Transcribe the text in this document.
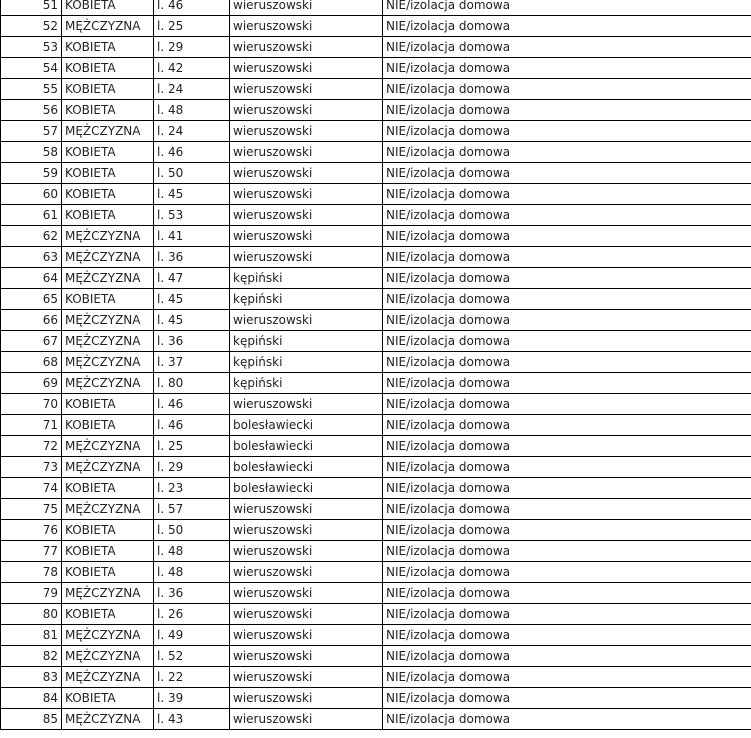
51	KOBIETA	l. 46	wieruszowski	NIE/izolacja domowa
52	MĘŻCZYZNA	l. 25	wieruszowski	NIE/izolacja domowa
53	KOBIETA	l. 29	wieruszowski	NIE/izolacja domowa
54	KOBIETA	l. 42	wieruszowski	NIE/izolacja domowa
55	KOBIETA	l. 24	wieruszowski	NIE/izolacja domowa
56	KOBIETA	l. 48	wieruszowski	NIE/izolacja domowa
57	MĘŻCZYZNA	l. 24	wieruszowski	NIE/izolacja domowa
58	KOBIETA	l. 46	wieruszowski	NIE/izolacja domowa
59	KOBIETA	l. 50	wieruszowski	NIE/izolacja domowa
60	KOBIETA	l. 45	wieruszowski	NIE/izolacja domowa
61	KOBIETA	l. 53	wieruszowski	NIE/izolacja domowa
62	MĘŻCZYZNA	l. 41	wieruszowski	NIE/izolacja domowa
63	MĘŻCZYZNA	l. 36	wieruszowski	NIE/izolacja domowa
64	MĘŻCZYZNA	l. 47	kępiński	NIE/izolacja domowa
65	KOBIETA	l. 45	kępiński	NIE/izolacja domowa
66	MĘŻCZYZNA	l. 45	wieruszowski	NIE/izolacja domowa
67	MĘŻCZYZNA	l. 36	kępiński	NIE/izolacja domowa
68	MĘŻCZYZNA	l. 37	kępiński	NIE/izolacja domowa
69	MĘŻCZYZNA	l. 80	kępiński	NIE/izolacja domowa
70	KOBIETA	l. 46	wieruszowski	NIE/izolacja domowa
71	KOBIETA	l. 46	bolesławiecki	NIE/izolacja domowa
72	MĘŻCZYZNA	l. 25	bolesławiecki	NIE/izolacja domowa
73	MĘŻCZYZNA	l. 29	bolesławiecki	NIE/izolacja domowa
74	KOBIETA	l. 23	bolesławiecki	NIE/izolacja domowa
75	MĘŻCZYZNA	l. 57	wieruszowski	NIE/izolacja domowa
76	KOBIETA	l. 50	wieruszowski	NIE/izolacja domowa
77	KOBIETA	l. 48	wieruszowski	NIE/izolacja domowa
78	KOBIETA	l. 48	wieruszowski	NIE/izolacja domowa
79	MĘŻCZYZNA	l. 36	wieruszowski	NIE/izolacja domowa
80	KOBIETA	l. 26	wieruszowski	NIE/izolacja domowa
81	MĘŻCZYZNA	l. 49	wieruszowski	NIE/izolacja domowa
82	MĘŻCZYZNA	l. 52	wieruszowski	NIE/izolacja domowa
83	MĘŻCZYZNA	l. 22	wieruszowski	NIE/izolacja domowa
84	KOBIETA	l. 39	wieruszowski	NIE/izolacja domowa
85	MĘŻCZYZNA	l. 43	wieruszowski	NIE/izolacja domowa
